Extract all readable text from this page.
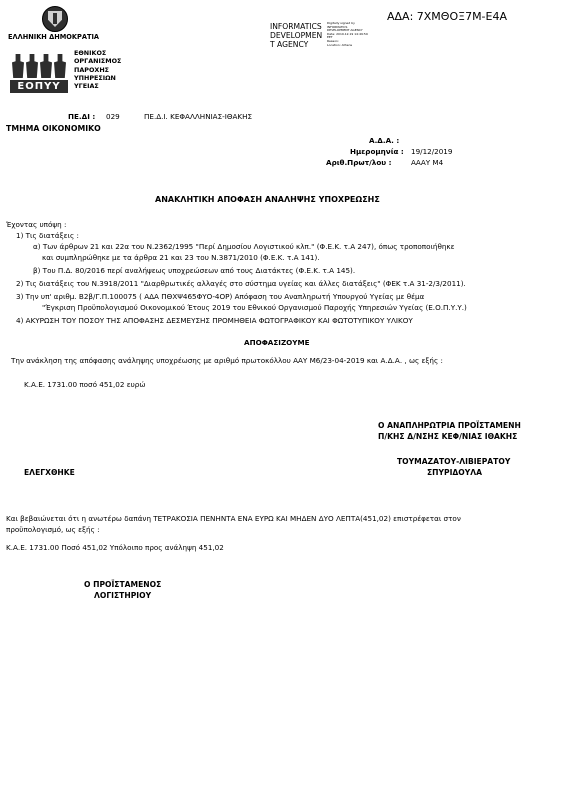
ΕΛΛΗΝΙΚΗ ΔΗΜΟΚΡΑΤΙΑ
ΕΟΠΥΥ
ΕΘΝΙΚΟΣ
ΟΡΓΑΝΙΣΜΟΣ
ΠΑΡΟΧΗΣ
ΥΠΗΡΕΣΙΩΝ
ΥΓΕΙΑΣ
INFORMATICS
DEVELOPMEN
T AGENCY
Digitally signed by
INFORMATICS
DEVELOPMENT AGENCY
Date: 2019.12.19 14:49:59
EET
Reason:
Location: Athens
ΑΔΑ: 7ΧΜΘΟΞ7Μ-Ε4Α
ΠΕ.ΔΙ : 029	ΠΕ.Δ.Ι. ΚΕΦΑΛΛΗΝΙΑΣ-ΙΘΑΚΗΣ
ΤΜΗΜΑ ΟΙΚΟΝΟΜΙΚΟ
Α.Δ.Α. :
Ημερομηνία : 19/12/2019
Αριθ.Πρωτ/λου :	ΑΑΑΥ Μ4
ΑΝΑΚΛΗΤΙΚΗ ΑΠΟΦΑΣΗ ΑΝΑΛΗΨΗΣ ΥΠΟΧΡΕΩΣΗΣ
Έχοντας υπόψη :
1) Τις διατάξεις :
α) Των άρθρων 21 και 22α του Ν.2362/1995 "Περί Δημοσίου Λογιστικού κλπ." (Φ.Ε.Κ. τ.Α 247), όπως τροποποιήθηκε
και συμπληρώθηκε με τα άρθρα 21 και 23 του Ν.3871/2010 (Φ.Ε.Κ. τ.Α 141).
β) Του Π.Δ. 80/2016 περί αναλήψεως υποχρεώσεων από τους Διατάκτες (Φ.Ε.Κ. τ.Α 145).
2) Τις διατάξεις του Ν.3918/2011 "Διαρθρωτικές αλλαγές στο σύστημα υγείας και άλλες διατάξεις" (ΦΕΚ τ.Α 31-2/3/2011).
3) Την υπ' αριθμ. Β2β/Γ.Π.100075 ( ΑΔΑ ΠΘΧΨ465ΦΥΟ-4ΟΡ) Απόφαση του Αναπληρωτή Υπουργού Υγείας με θέμα
"Έγκριση Προϋπολογισμού Οικονομικού Έτους 2019 του Εθνικού Οργανισμού Παροχής Υπηρεσιών Υγείας (Ε.Ο.Π.Υ.Υ.)
4) ΑΚΥΡΩΣΗ ΤΟΥ ΠΟΣΟΥ ΤΗΣ ΑΠΟΦΑΣΗΣ ΔΕΣΜΕΥΣΗΣ ΠΡΟΜΗΘΕΙΑ ΦΩΤΟΓΡΑΦΙΚΟΥ ΚΑΙ ΦΩΤΟΤΥΠΙΚΟΥ ΥΛΙΚΟΥ
ΑΠΟΦΑΣΙΖΟΥΜΕ
Την ανάκληση της απόφασης ανάληψης υποχρέωσης με αριθμό πρωτοκόλλου ΑΑΥ Μ6/23-04-2019 και Α.Δ.Α. , ως εξής :
Κ.Α.Ε. 1731.00 ποσό 451,02 ευρώ
Ο ΑΝΑΠΛΗΡΩΤΡΙΑ ΠΡΟΪΣΤΑΜΕΝΗ
Π/ΚΗΣ Δ/ΝΣΗΣ ΚΕΦ/ΝΙΑΣ ΙΘΑΚΗΣ
ΤΟΥΜΑΖΑΤΟΥ-ΛΙΒΙΕΡΑΤΟΥ
ΣΠΥΡΙΔΟΥΛΑ
ΕΛΕΓΧΘΗΚΕ
Και βεβαιώνεται ότι η ανωτέρω δαπάνη ΤΕΤΡΑΚΟΣΙΑ ΠΕΝΗΝΤΑ ΕΝΑ ΕΥΡΩ ΚΑΙ ΜΗΔΕΝ ΔΥΟ ΛΕΠΤΑ(451,02) επιστρέφεται στον
προϋπολογισμό, ως εξής :
Κ.Α.Ε. 1731.00 Ποσό 451,02 Υπόλοιπο προς ανάληψη 451,02
Ο ΠΡΟΪΣΤΑΜΕΝΟΣ
ΛΟΓΙΣΤΗΡΙΟΥ
